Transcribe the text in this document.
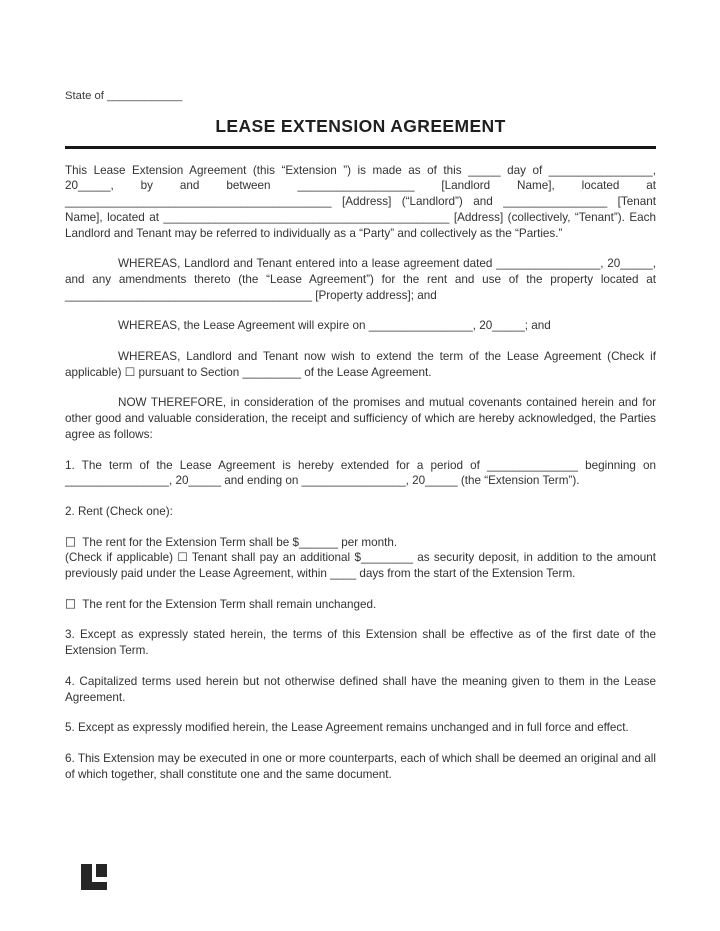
State of ____________
LEASE EXTENSION AGREEMENT
This Lease Extension Agreement (this “Extension ”) is made as of this _____ day of ________________, 20_____, by and between __________________ [Landlord Name], located at _________________________________________ [Address] (“Landlord”) and ________________ [Tenant Name], located at ____________________________________________ [Address] (collectively, “Tenant”). Each Landlord and Tenant may be referred to individually as a “Party” and collectively as the “Parties.”
WHEREAS, Landlord and Tenant entered into a lease agreement dated ________________, 20_____, and any amendments thereto (the “Lease Agreement”) for the rent and use of the property located at ______________________________________ [Property address]; and
WHEREAS, the Lease Agreement will expire on ________________, 20_____; and
WHEREAS, Landlord and Tenant now wish to extend the term of the Lease Agreement (Check if applicable) ☐ pursuant to Section _________ of the Lease Agreement.
NOW THEREFORE, in consideration of the promises and mutual covenants contained herein and for other good and valuable consideration, the receipt and sufficiency of which are hereby acknowledged, the Parties agree as follows:
1. The term of the Lease Agreement is hereby extended for a period of ______________ beginning on ________________, 20_____ and ending on ________________, 20_____ (the “Extension Term”).
2. Rent (Check one):
☐ The rent for the Extension Term shall be $______ per month.
(Check if applicable) ☐ Tenant shall pay an additional $________ as security deposit, in addition to the amount previously paid under the Lease Agreement, within ____ days from the start of the Extension Term.
☐ The rent for the Extension Term shall remain unchanged.
3. Except as expressly stated herein, the terms of this Extension shall be effective as of the first date of the Extension Term.
4. Capitalized terms used herein but not otherwise defined shall have the meaning given to them in the Lease Agreement.
5. Except as expressly modified herein, the Lease Agreement remains unchanged and in full force and effect.
6. This Extension may be executed in one or more counterparts, each of which shall be deemed an original and all of which together, shall constitute one and the same document.
